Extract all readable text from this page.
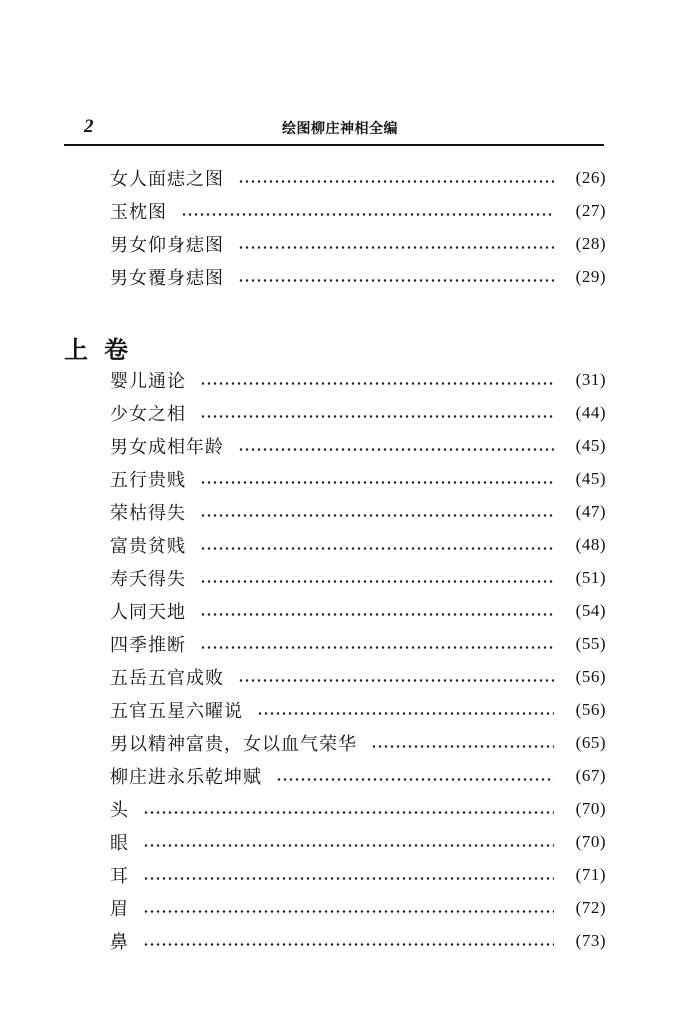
2	绘图柳庄神相全编
女人面痣之图	(26)
玉枕图	(27)
男女仰身痣图	(28)
男女覆身痣图	(29)
上卷
婴儿通论	(31)
少女之相	(44)
男女成相年龄	(45)
五行贵贱	(45)
荣枯得失	(47)
富贵贫贱	(48)
寿夭得失	(51)
人同天地	(54)
四季推断	(55)
五岳五官成败	(56)
五官五星六曜说	(56)
男以精神富贵，女以血气荣华	(65)
柳庄进永乐乾坤赋	(67)
头	(70)
眼	(70)
耳	(71)
眉	(72)
鼻	(73)
